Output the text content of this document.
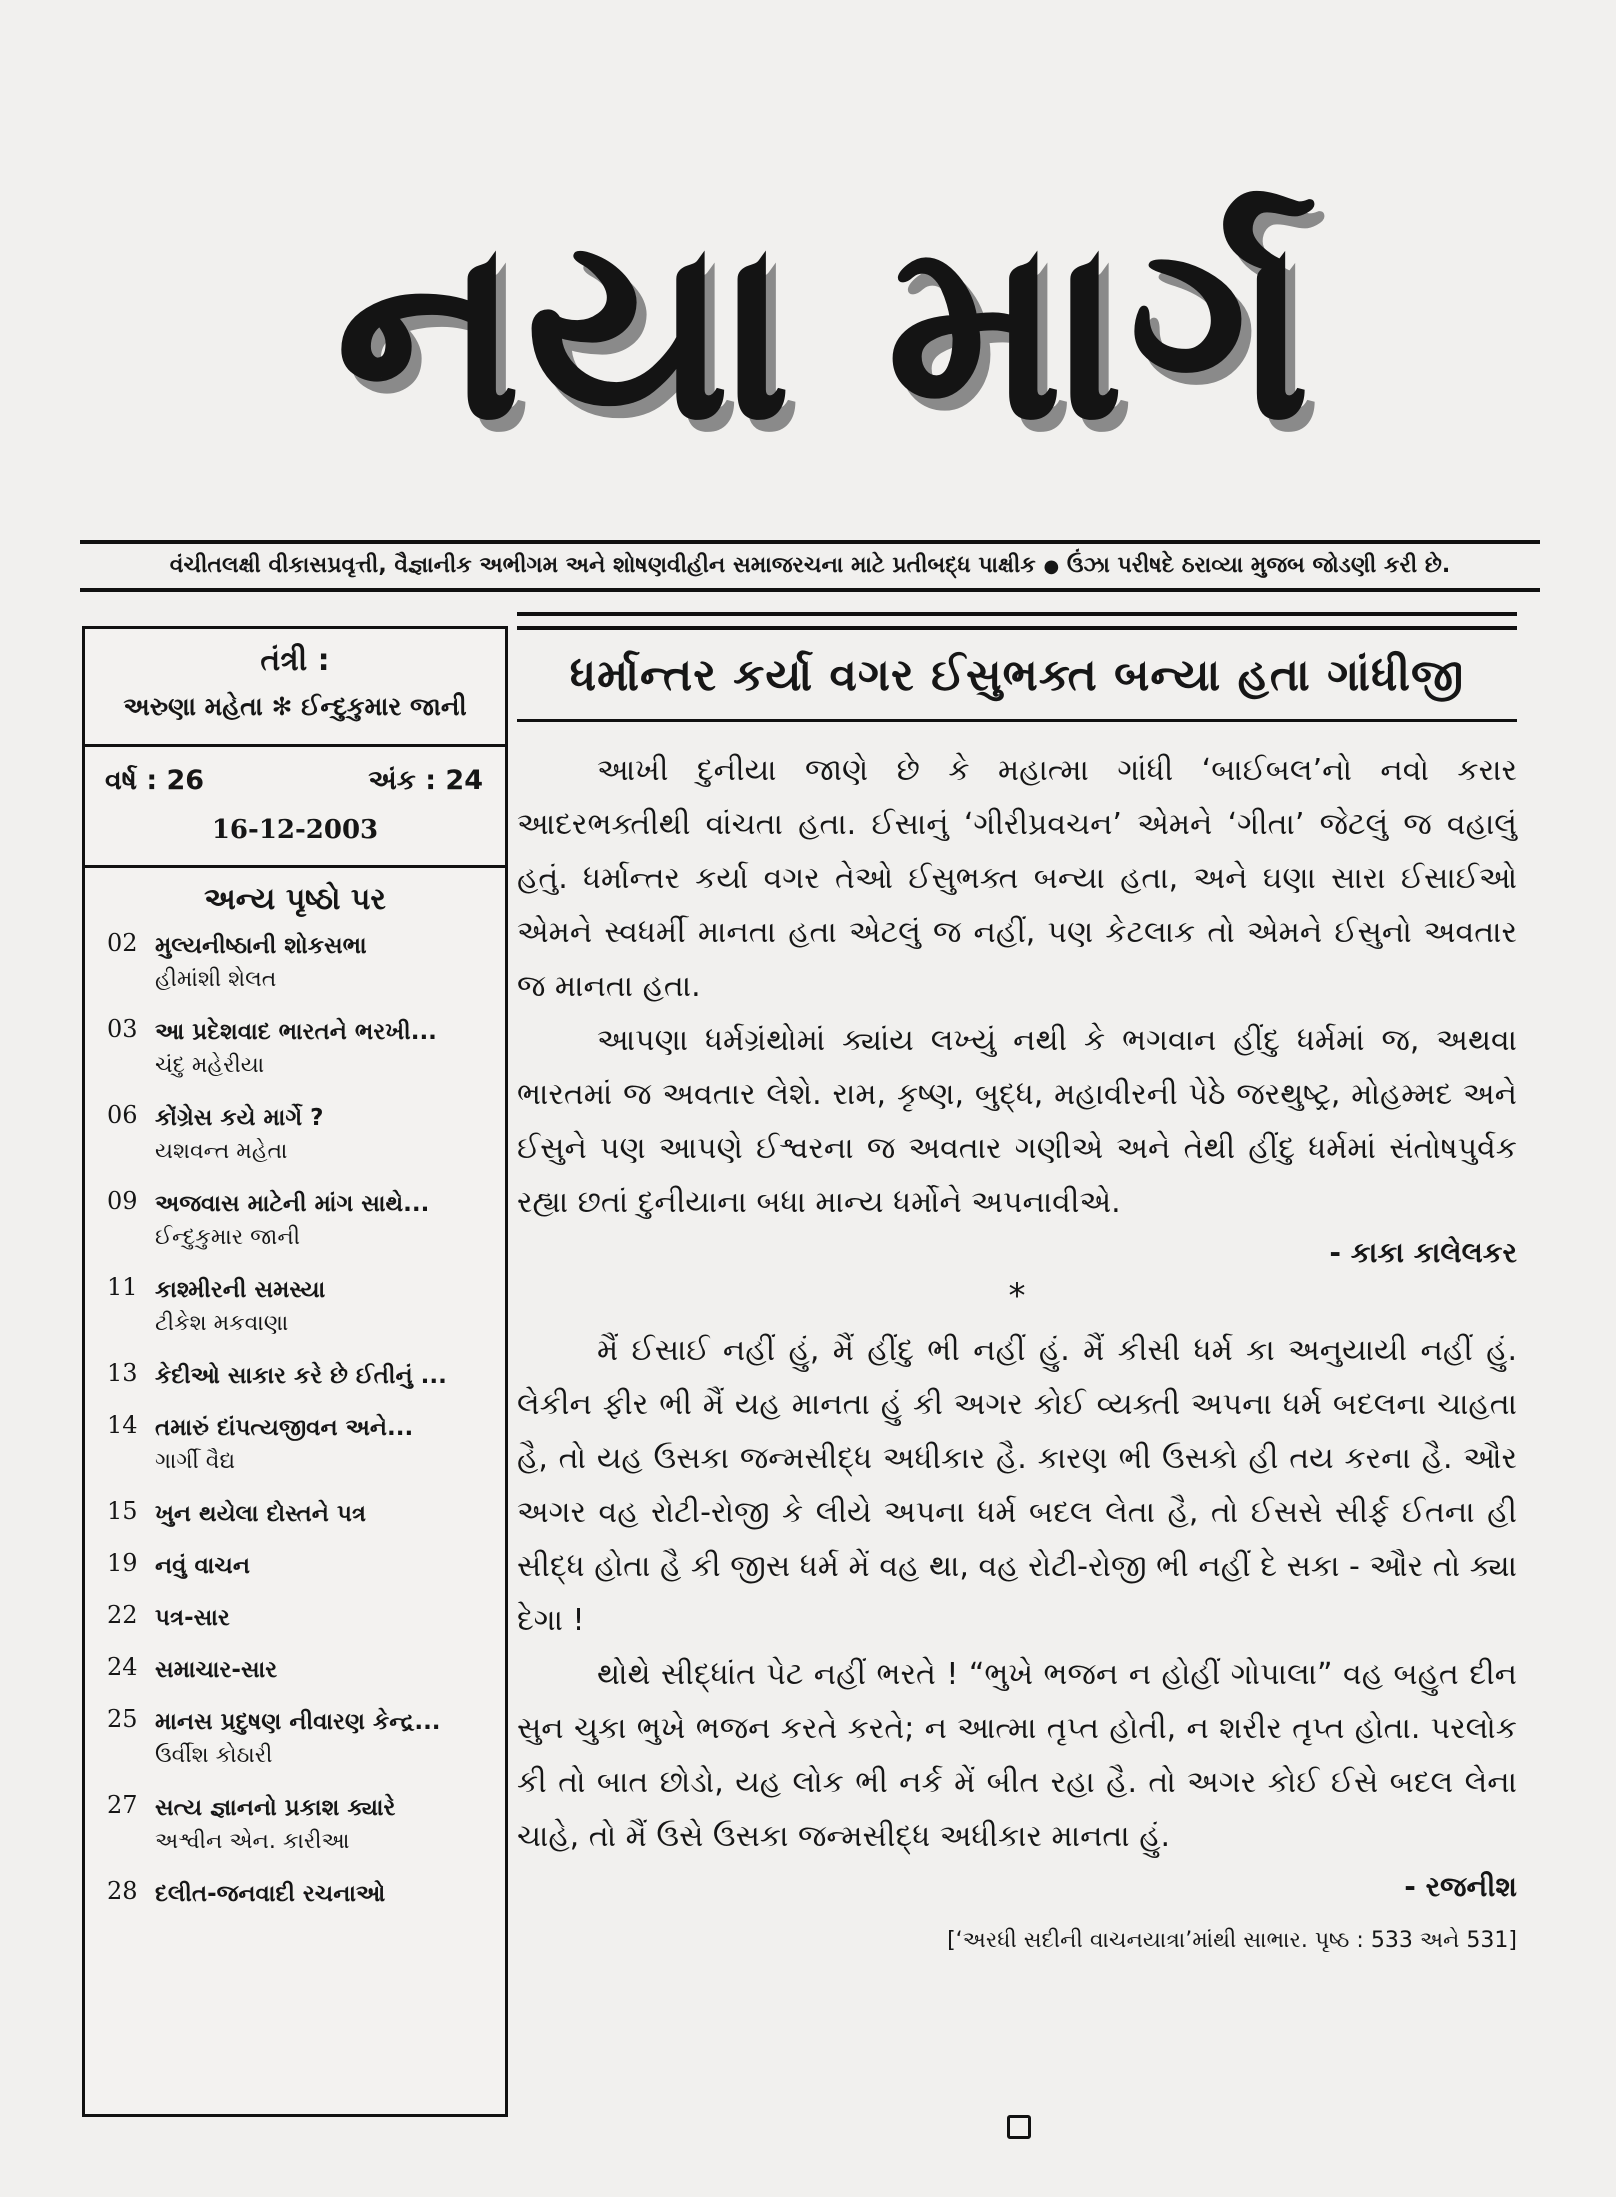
નયા માર્ગ
વંચીતલક્ષી વીકાસપ્રવૃત્તી, વૈજ્ઞાનીક અભીગમ અને શોષણવીહીન સમાજરચના માટે પ્રતીબદ્ધ પાક્ષીક ● ઉંઝા પરીષદે ઠરાવ્યા મુજબ જોડણી કરી છે.
તંત્રી :
અરુણા મહેતા ✻ ઈન્દુકુમાર જાની
વર્ષ : 26	અંક : 24
16-12-2003
અન્ય પૃષ્ઠો પર
02 મુલ્યનીષ્ઠાની શોકસભા
હીમાંશી શેલત
03 આ પ્રદેશવાદ ભારતને ભરખી...
ચંદુ મહેરીયા
06 કોંગ્રેસ કયે માર્ગે ?
યશવન્ત મહેતા
09 અજવાસ માટેની માંગ સાથે...
ઈન્દુકુમાર જાની
11 કાશ્મીરની સમસ્યા
ટીકેશ મકવાણા
13 કેદીઓ સાકાર કરે છે ઈતીનું ...
14 તમારું દાંપત્યજીવન અને...
ગાર્ગી વૈદ્ય
15 ખુન થયેલા દોસ્તને પત્ર
19 નવું વાચન
22 પત્ર-સાર
24 સમાચાર-સાર
25 માનસ પ્રદુષણ નીવારણ કેન્દ્ર...
ઉર્વીશ કોઠારી
27 સત્ય જ્ઞાનનો પ્રકાશ ક્યારે
અશ્વીન એન. કારીઆ
28 દલીત-જનવાદી રચનાઓ
ધર્માન્તર કર્યા વગર ઈસુભક્ત બન્યા હતા ગાંધીજી

આખી દુનીયા જાણે છે કે મહાત્મા ગાંધી ‘બાઈબલ’નો નવો કરાર આદરભક્તીથી વાંચતા હતા. ઈસાનું ‘ગીરીપ્રવચન’ એમને ‘ગીતા’ જેટલું જ વહાલું હતું. ધર્માન્તર કર્યા વગર તેઓ ઈસુભક્ત બન્યા હતા, અને ઘણા સારા ઈસાઈઓ એમને સ્વધર્મી માનતા હતા એટલું જ નહીં, પણ કેટલાક તો એમને ઈસુનો અવતાર જ માનતા હતા.

આપણા ધર્મગ્રંથોમાં ક્યાંય લખ્યું નથી કે ભગવાન હીંદુ ધર્મમાં જ, અથવા ભારતમાં જ અવતાર લેશે. રામ, કૃષ્ણ, બુદ્ધ, મહાવીરની પેઠે જરથુષ્ટ્ર, મોહમ્મદ અને ઈસુને પણ આપણે ઈશ્વરના જ અવતાર ગણીએ અને તેથી હીંદુ ધર્મમાં સંતોષપુર્વક રહ્યા છતાં દુનીયાના બધા માન્ય ધર્મોને અપનાવીએ.

- કાકા કાલેલકર
*

મૈં ઈસાઈ નહીં હું, મૈં હીંદુ ભી નહીં હું. મૈં કીસી ધર્મ કા અનુયાયી નહીં હું. લેકીન ફીર ભી મૈં યહ માનતા હું કી અગર કોઈ વ્યક્તી અપના ધર્મ બદલના ચાહતા હૈ, તો યહ ઉસકા જન્મસીદ્ધ અધીકાર હૈ. કારણ ભી ઉસકો હી તય કરના હૈ. ઔર અગર વહ રોટી-રોજી કે લીયે અપના ધર્મ બદલ લેતા હૈ, તો ઈસસે સીર્ફ ઈતના હી સીદ્ધ હોતા હૈ કી જીસ ધર્મ મેં વહ થા, વહ રોટી-રોજી ભી નહીં દે સકા - ઔર તો ક્યા દેગા !

થોથે સીદ્ધાંત પેટ નહીં ભરતે ! “ભુખે ભજન ન હોહીં ગોપાલા” વહ બહુત દીન સુન ચુકા ભુખે ભજન કરતે કરતે; ન આત્મા તૃપ્ત હોતી, ન શરીર તૃપ્ત હોતા. પરલોક કી તો બાત છોડો, યહ લોક ભી નર્ક મેં બીત રહા હૈ. તો અગર કોઈ ઈસે બદલ લેના ચાહે, તો મૈં ઉસે ઉસકા જન્મસીદ્ધ અધીકાર માનતા હું.

- રજનીશ
[‘અરધી સદીની વાચનયાત્રા’માંથી સાભાર. પૃષ્ઠ : 533 અને 531]
